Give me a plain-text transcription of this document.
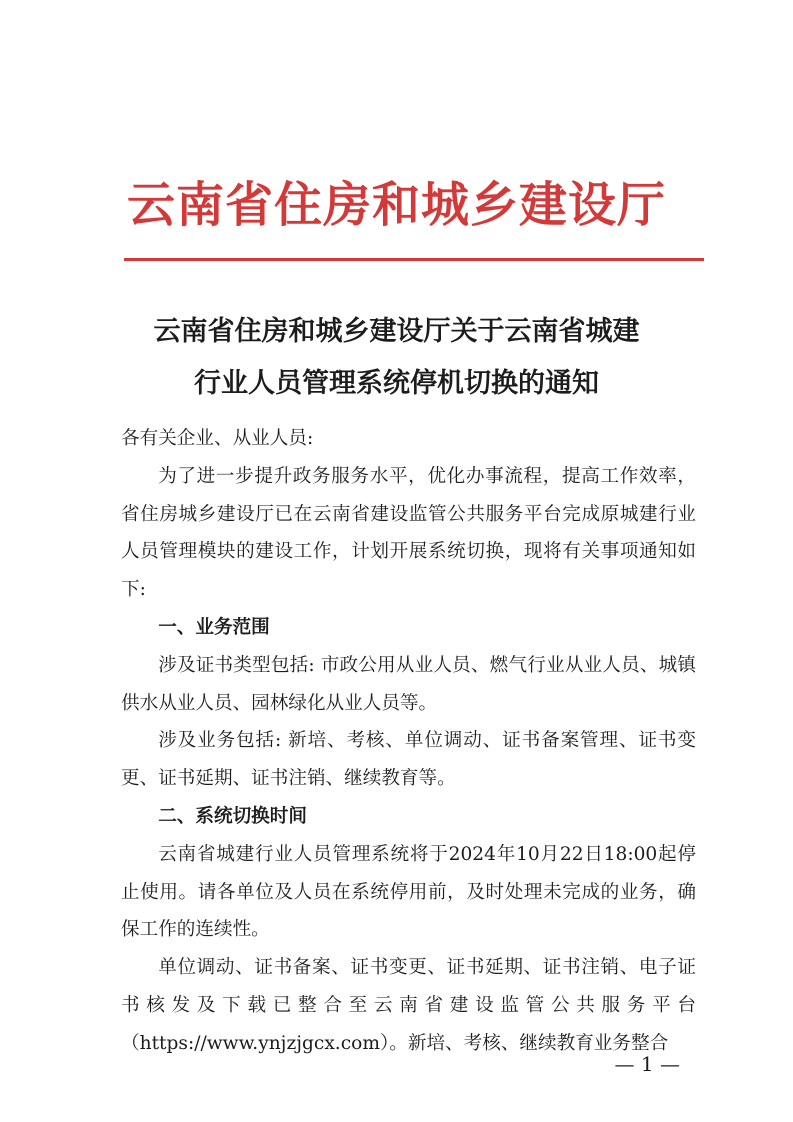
云南省住房和城乡建设厅
云南省住房和城乡建设厅关于云南省城建
行业人员管理系统停机切换的通知

各有关企业、从业人员:

为了进一步提升政务服务水平，优化办事流程，提高工作效率，省住房城乡建设厅已在云南省建设监管公共服务平台完成原城建行业人员管理模块的建设工作，计划开展系统切换，现将有关事项通知如下:

一、业务范围

涉及证书类型包括: 市政公用从业人员、燃气行业从业人员、城镇供水从业人员、园林绿化从业人员等。

涉及业务包括: 新培、考核、单位调动、证书备案管理、证书变更、证书延期、证书注销、继续教育等。

二、系统切换时间

云南省城建行业人员管理系统将于2024年10月22日18:00起停止使用。请各单位及人员在系统停用前，及时处理未完成的业务，确保工作的连续性。

单位调动、证书备案、证书变更、证书延期、证书注销、电子证书核发及下载已整合至云南省建设监管公共服务平台（https://www.ynjzjgcx.com）。新培、考核、继续教育业务整合

— 1 —
